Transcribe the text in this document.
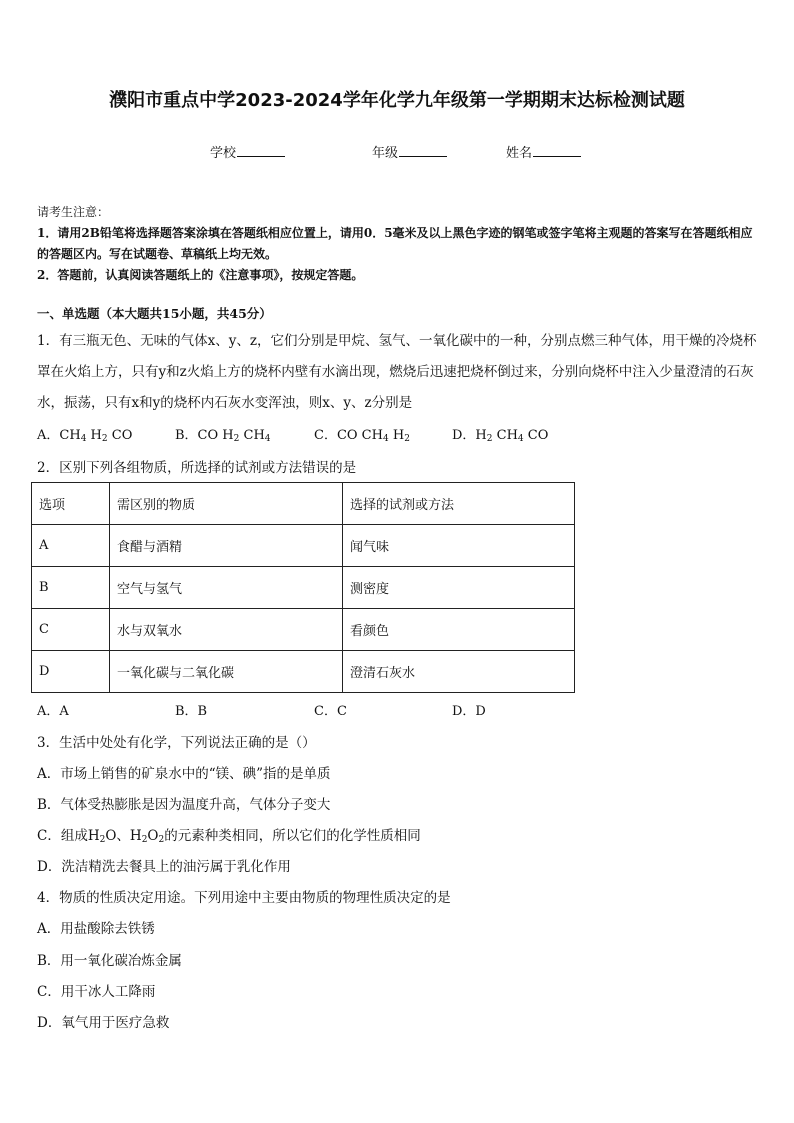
濮阳市重点中学2023-2024学年化学九年级第一学期期末达标检测试题
学校	年级	姓名
请考生注意：
1．请用2B铅笔将选择题答案涂填在答题纸相应位置上，请用0．5毫米及以上黑色字迹的钢笔或签字笔将主观题的答案写在答题纸相应的答题区内。写在试题卷、草稿纸上均无效。
2．答题前，认真阅读答题纸上的《注意事项》，按规定答题。
一、单选题（本大题共15小题，共45分）
1．有三瓶无色、无味的气体x、y、z，它们分别是甲烷、氢气、一氧化碳中的一种，分别点燃三种气体，用干燥的冷烧杯罩在火焰上方，只有y和z火焰上方的烧杯内壁有水滴出现，燃烧后迅速把烧杯倒过来，分别向烧杯中注入少量澄清的石灰水，振荡，只有x和y的烧杯内石灰水变浑浊，则x、y、z分别是
A．$CH_4$ $H_2$ CO	B．CO $H_2$ $CH_4$	C．CO $CH_4$ $H_2$	D．$H_2$ $CH_4$ CO
2．区别下列各组物质，所选择的试剂或方法错误的是
选项	需区别的物质	选择的试剂或方法
A	食醋与酒精	闻气味
B	空气与氢气	测密度
C	水与双氧水	看颜色
D	一氧化碳与二氧化碳	澄清石灰水
A．A	B．B	C．C	D．D
3．生活中处处有化学，下列说法正确的是（）
A．市场上销售的矿泉水中的“镁、碘”指的是单质
B．气体受热膨胀是因为温度升高，气体分子变大
C．组成$H_2O$、$H_2O_2$的元素种类相同，所以它们的化学性质相同
D．洗洁精洗去餐具上的油污属于乳化作用
4．物质的性质决定用途。下列用途中主要由物质的物理性质决定的是
A．用盐酸除去铁锈
B．用一氧化碳冶炼金属
C．用干冰人工降雨
D．氧气用于医疗急救
